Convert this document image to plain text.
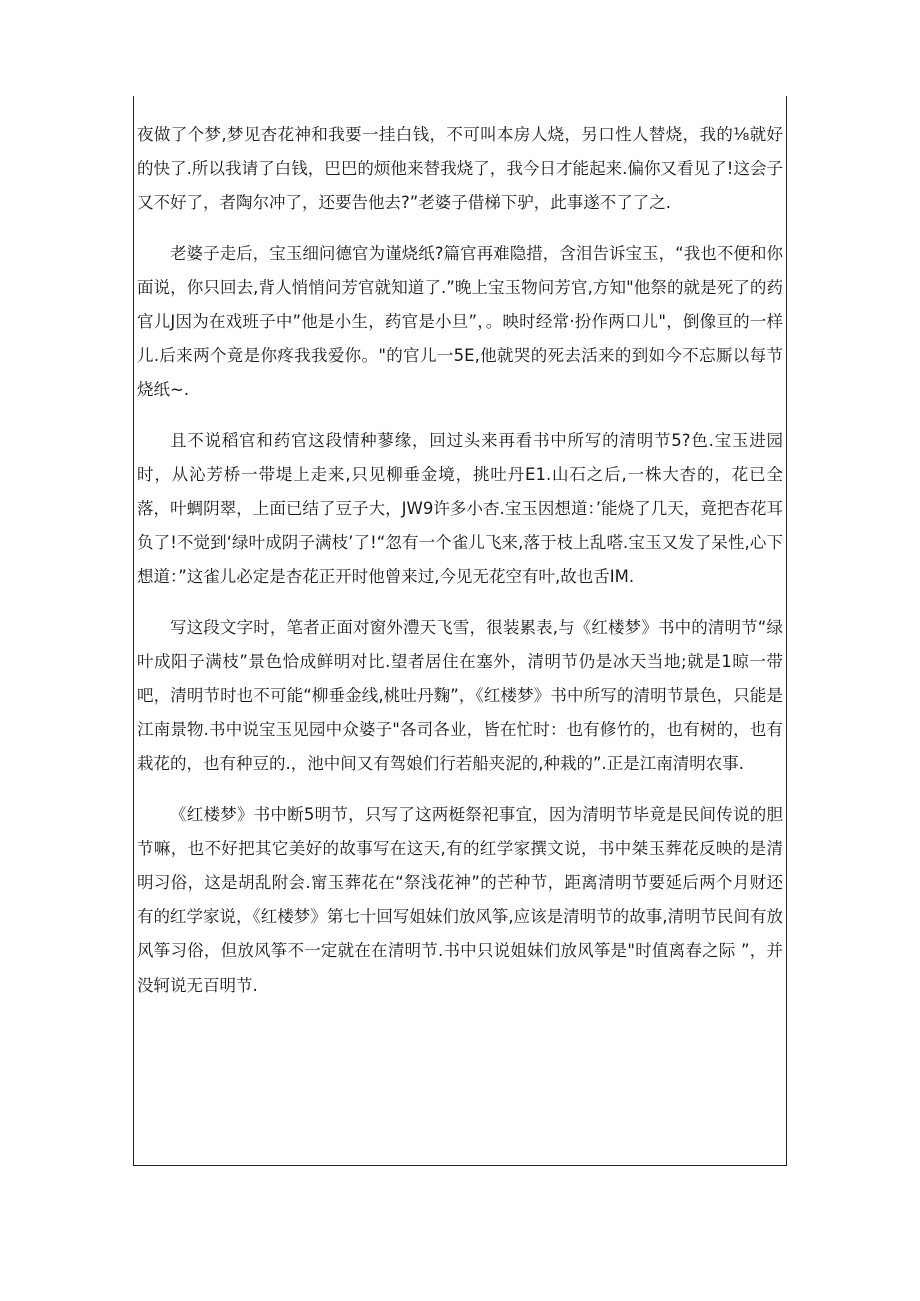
夜做了个梦,梦见杏花神和我要一挂白钱，不可叫本房人烧，另口性人替烧，我的⅛就好的快了.所以我请了白钱，巴巴的烦他来替我烧了，我今日才能起来.偏你又看见了!这会子又不好了，者陶尔冲了，还要告他去?”老婆子借梯下驴，此事遂不了了之.

老婆子走后，宝玉细问德官为谨烧纸?篇官再难隐措，含泪告诉宝玉，“我也不便和你面说，你只回去,背人悄悄问芳官就知道了.”晚上宝玉物问芳官,方知"他祭的就是死了的药官儿J因为在戏班子中”他是小生，药官是小旦”，。映时经常·扮作两口儿"，倒像亘的一样儿.后来两个竟是你疼我我爱你。"的官儿一5E,他就哭的死去活来的到如今不忘厮以每节烧纸~.

且不说稻官和药官这段情种蓼缘，回过头来再看书中所写的清明节5?色.宝玉进园时，从沁芳桥一带堤上走来,只见柳垂金境，挑吐丹E1.山石之后,一株大杏的，花已全落，叶蜩阴翠，上面已结了豆子大，JW9许多小杏.宝玉因想道：’能烧了几天，竟把杏花耳负了!不觉到‘绿叶成阴子满枝’了!“忽有一个雀儿飞来,落于枝上乱嗒.宝玉又发了呆性,心下想道：”这雀儿必定是杏花正开时他曾来过,今见无花空有叶,故也舌IM.

写这段文字时，笔者正面对窗外澧天飞雪，很装累表,与《红楼梦》书中的清明节“绿叶成阳子满枝”景色恰成鲜明对比.望者居住在塞外，清明节仍是冰天当地;就是1晾一带吧，清明节时也不可能“柳垂金线,桃吐丹麴”，《红楼梦》书中所写的清明节景色，只能是江南景物.书中说宝玉见园中众婆子"各司各业，皆在忙时：也有修竹的，也有树的，也有栽花的，也有种豆的.，池中间又有驾娘们行若船夹泥的,种栽的”.正是江南清明农事.

《红楼梦》书中断5明节，只写了这两梃祭祀事宜，因为清明节毕竟是民间传说的胆节嘛，也不好把其它美好的故事写在这天,有的红学家撰文说，书中桀玉葬花反映的是清明习俗，这是胡乱附会.甯玉葬花在“祭浅花神”的芒种节，距离清明节要延后两个月财还有的红学家说，《红楼梦》第七十回写姐妹们放风筝,应该是清明节的故事,清明节民间有放风筝习俗，但放风筝不一定就在在清明节.书中只说姐妹们放风筝是"时值离春之际 ”，并没轲说无百明节.
